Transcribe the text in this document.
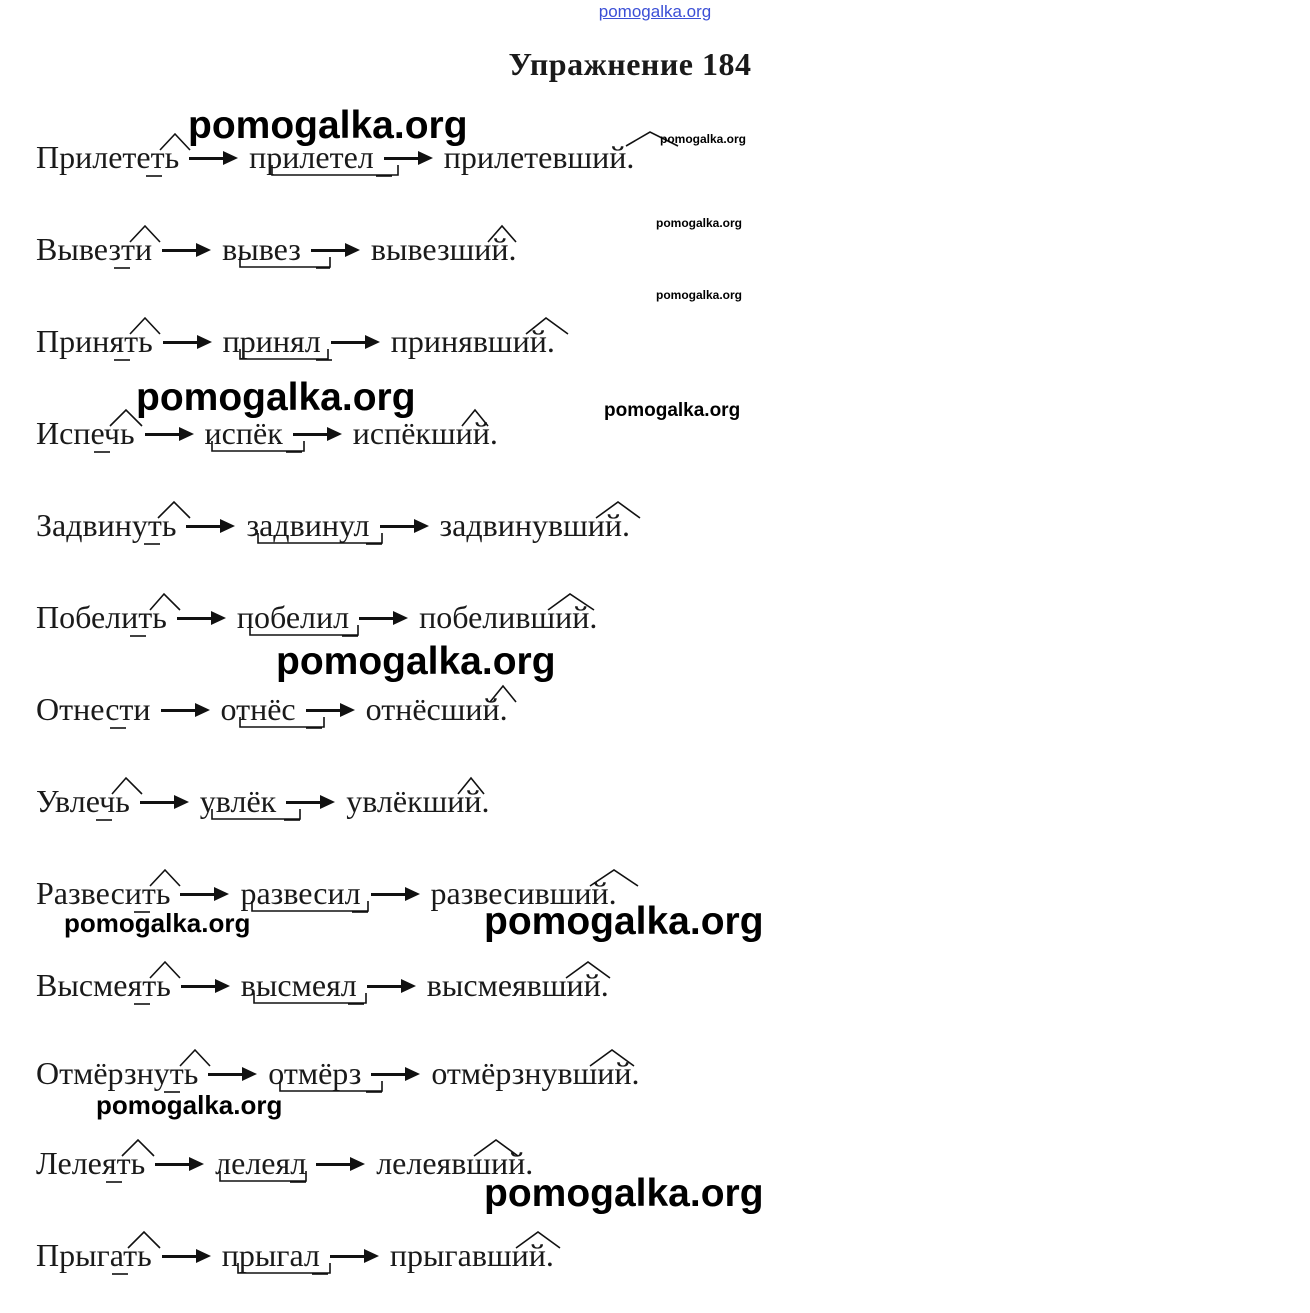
pomogalka.org
Упражнение 184
Прилететь прилетел прилетевший.
Вывезти вывез вывезший.
Принять принял принявший.
Испечь испёк испёкший.
Задвинуть задвинул задвинувший.
Побелить побелил побеливший.
Отнести отнёс отнёсший.
Увлечь увлёк увлёкший.
Развесить развесил развесивший.
Высмеять высмеял высмеявший.
Отмёрзнуть отмёрз отмёрзнувший.
Лелеять лелеял лелеявший.
Прыгать прыгал прыгавший.
pomogalka.org	pomogalka.org
pomogalka.org
pomogalka.org
pomogalka.org	pomogalka.org
pomogalka.org
pomogalka.org	pomogalka.org
pomogalka.org
pomogalka.org
